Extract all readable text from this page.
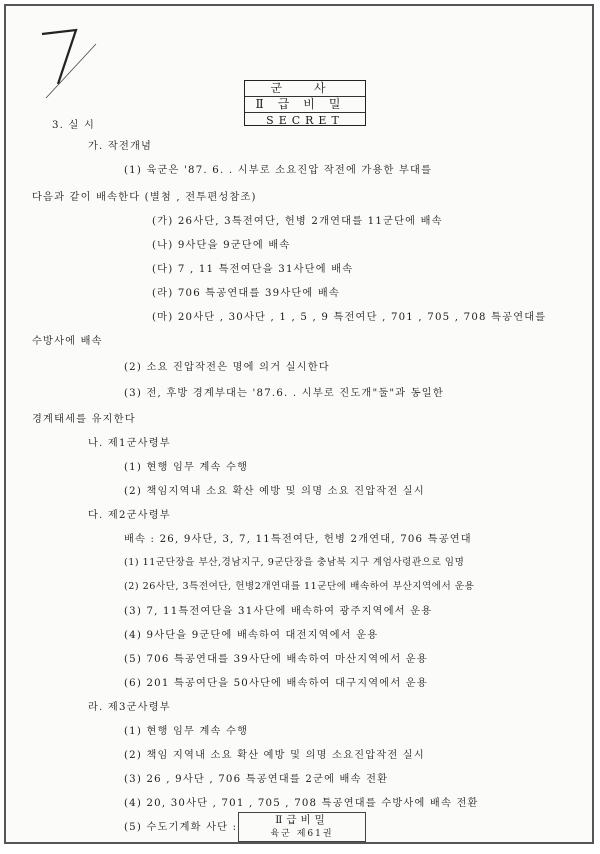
군 사
Ⅱ급비밀
SECRET
3. 실 시
가. 작전개념
(1) 육군은 '87. 6. . 시부로 소요진압 작전에 가용한 부대를
다음과 같이 배속한다 (별첨 , 전투편성참조)
(가) 26사단, 3특전여단, 헌병 2개연대를 11군단에 배속
(나) 9사단을 9군단에 배속
(다) 7 , 11 특전여단을 31사단에 배속
(라) 706 특공연대를 39사단에 배속
(마) 20사단 , 30사단 , 1 , 5 , 9 특전여단 , 701 , 705 , 708 특공연대를
수방사에 배속
(2) 소요 진압작전은 명에 의거 실시한다
(3) 전, 후방 경계부대는 '87.6. . 시부로 진도개"둘"과 동일한
경계태세를 유지한다
나. 제1군사령부
(1) 현행 임무 계속 수행
(2) 책임지역내 소요 확산 예방 및 의명 소요 진압작전 실시
다. 제2군사령부
배속 : 26, 9사단, 3, 7, 11특전여단, 헌병 2개연대, 706 특공연대
(1) 11군단장을 부산,경남지구, 9군단장을 충남북 지구 계엄사령관으로 임명
(2) 26사단, 3특전여단, 헌병2개연대를 11군단에 배속하여 부산지역에서 운용
(3) 7, 11특전여단을 31사단에 배속하여 광주지역에서 운용
(4) 9사단을 9군단에 배속하여 대전지역에서 운용
(5) 706 특공연대를 39사단에 배속하여 마산지역에서 운용
(6) 201 특공여단을 50사단에 배속하여 대구지역에서 운용
라. 제3군사령부
(1) 현행 임무 계속 수행
(2) 책임 지역내 소요 확산 예방 및 의명 소요진압작전 실시
(3) 26 , 9사단 , 706 특공연대를 2군에 배속 전환
(4) 20, 30사단 , 701 , 705 , 708 특공연대를 수방사에 배속 전환
(5) 수도기계화 사단 :
Ⅱ급비밀
육군 제61권
